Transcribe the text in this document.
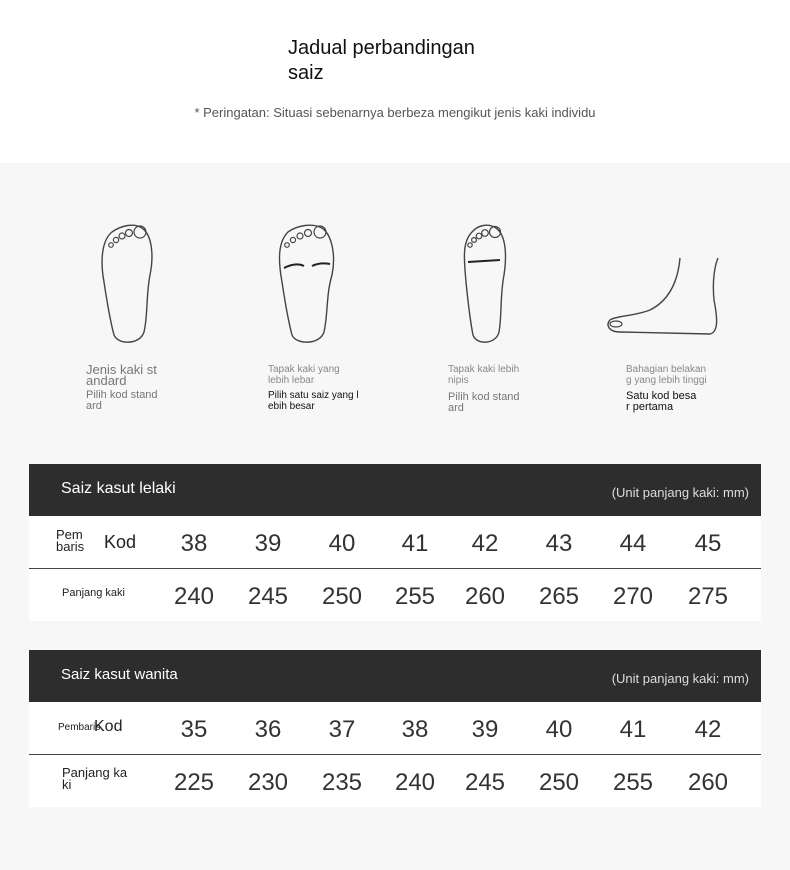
Jadual perbandingan
saiz
* Peringatan: Situasi sebenarnya berbeza mengikut jenis kaki individu
Jenis kaki st
andard
Pilih kod stand
ard
Tapak kaki yang
lebih lebar
Pilih satu saiz yang l
ebih besar
Tapak kaki lebih
nipis
Pilih kod stand
ard
Bahagian belakan
g yang lebih tinggi
Satu kod besa
r pertama
Saiz kasut lelaki	(Unit panjang kaki: mm)
Pem
baris Kod	38	39	40	41	42	43	44	45
Panjang kaki	240	245	250	255	260	265	270	275
Saiz kasut wanita	(Unit panjang kaki: mm)
Pembaris
Kod	35	36	37	38	39	40	41	42
Panjang ka
ki	225	230	235	240	245	250	255	260
